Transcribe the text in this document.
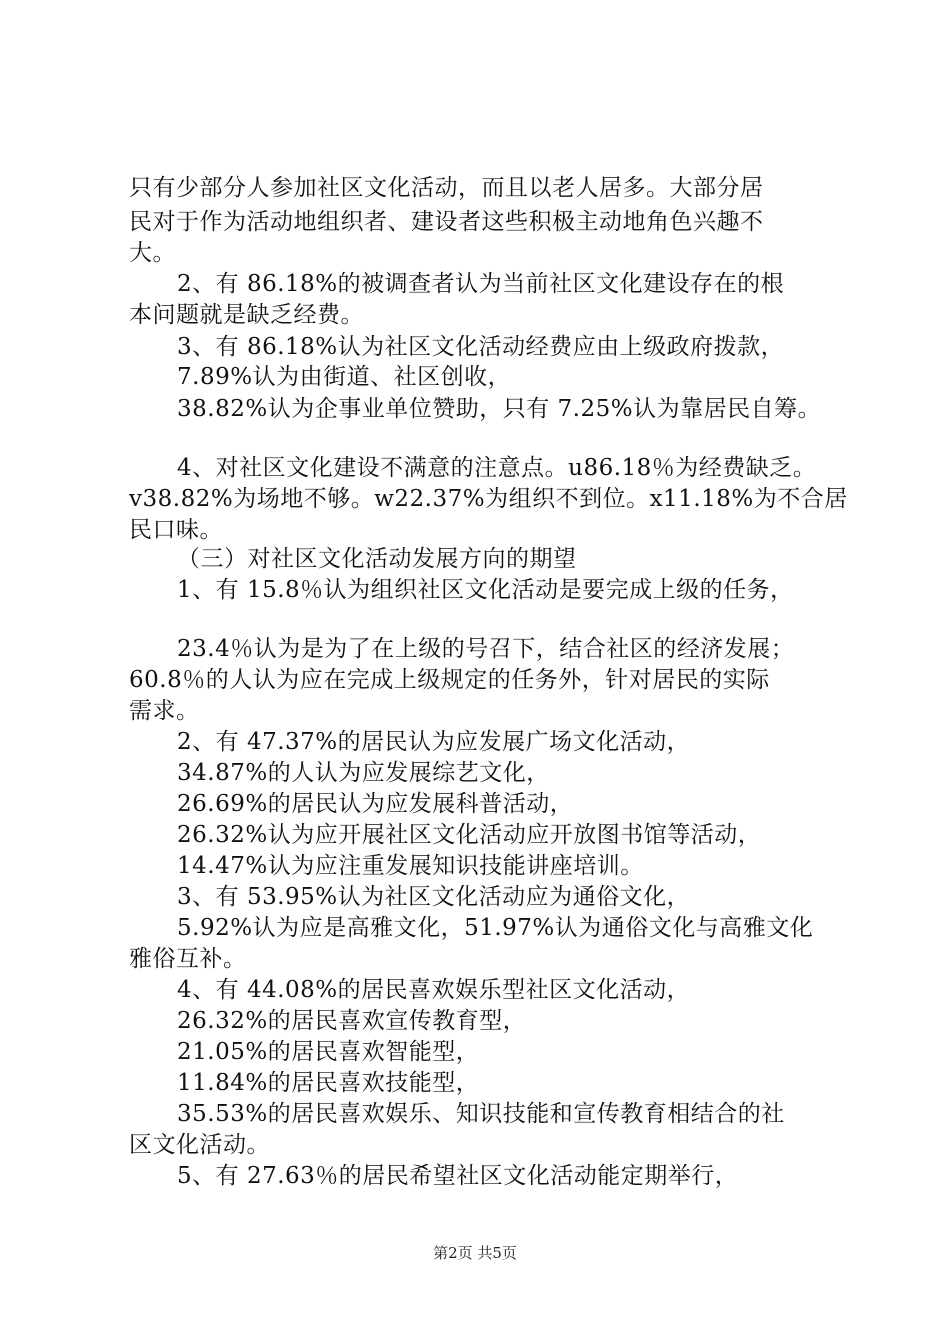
只有少部分人参加社区文化活动，而且以老人居多。大部分居
民对于作为活动地组织者、建设者这些积极主动地角色兴趣不
大。
2、有 86.18%的被调查者认为当前社区文化建设存在的根
本问题就是缺乏经费。
3、有 86.18%认为社区文化活动经费应由上级政府拨款，
7.89%认为由街道、社区创收，
38.82%认为企事业单位赞助，只有 7.25%认为靠居民自筹。
4、对社区文化建设不满意的注意点。u86.18％为经费缺乏。
v38.82%为场地不够。w22.37%为组织不到位。x11.18%为不合居
民口味。
（三）对社区文化活动发展方向的期望
1、有 15.8％认为组织社区文化活动是要完成上级的任务，
23.4％认为是为了在上级的号召下，结合社区的经济发展；
60.8％的人认为应在完成上级规定的任务外，针对居民的实际
需求。
2、有 47.37%的居民认为应发展广场文化活动，
34.87%的人认为应发展综艺文化，
26.69%的居民认为应发展科普活动，
26.32%认为应开展社区文化活动应开放图书馆等活动，
14.47%认为应注重发展知识技能讲座培训。
3、有 53.95%认为社区文化活动应为通俗文化，
5.92%认为应是高雅文化，51.97%认为通俗文化与高雅文化
雅俗互补。
4、有 44.08%的居民喜欢娱乐型社区文化活动，
26.32%的居民喜欢宣传教育型，
21.05%的居民喜欢智能型，
11.84%的居民喜欢技能型，
35.53%的居民喜欢娱乐、知识技能和宣传教育相结合的社
区文化活动。
5、有 27.63％的居民希望社区文化活动能定期举行，
第2页 共5页
